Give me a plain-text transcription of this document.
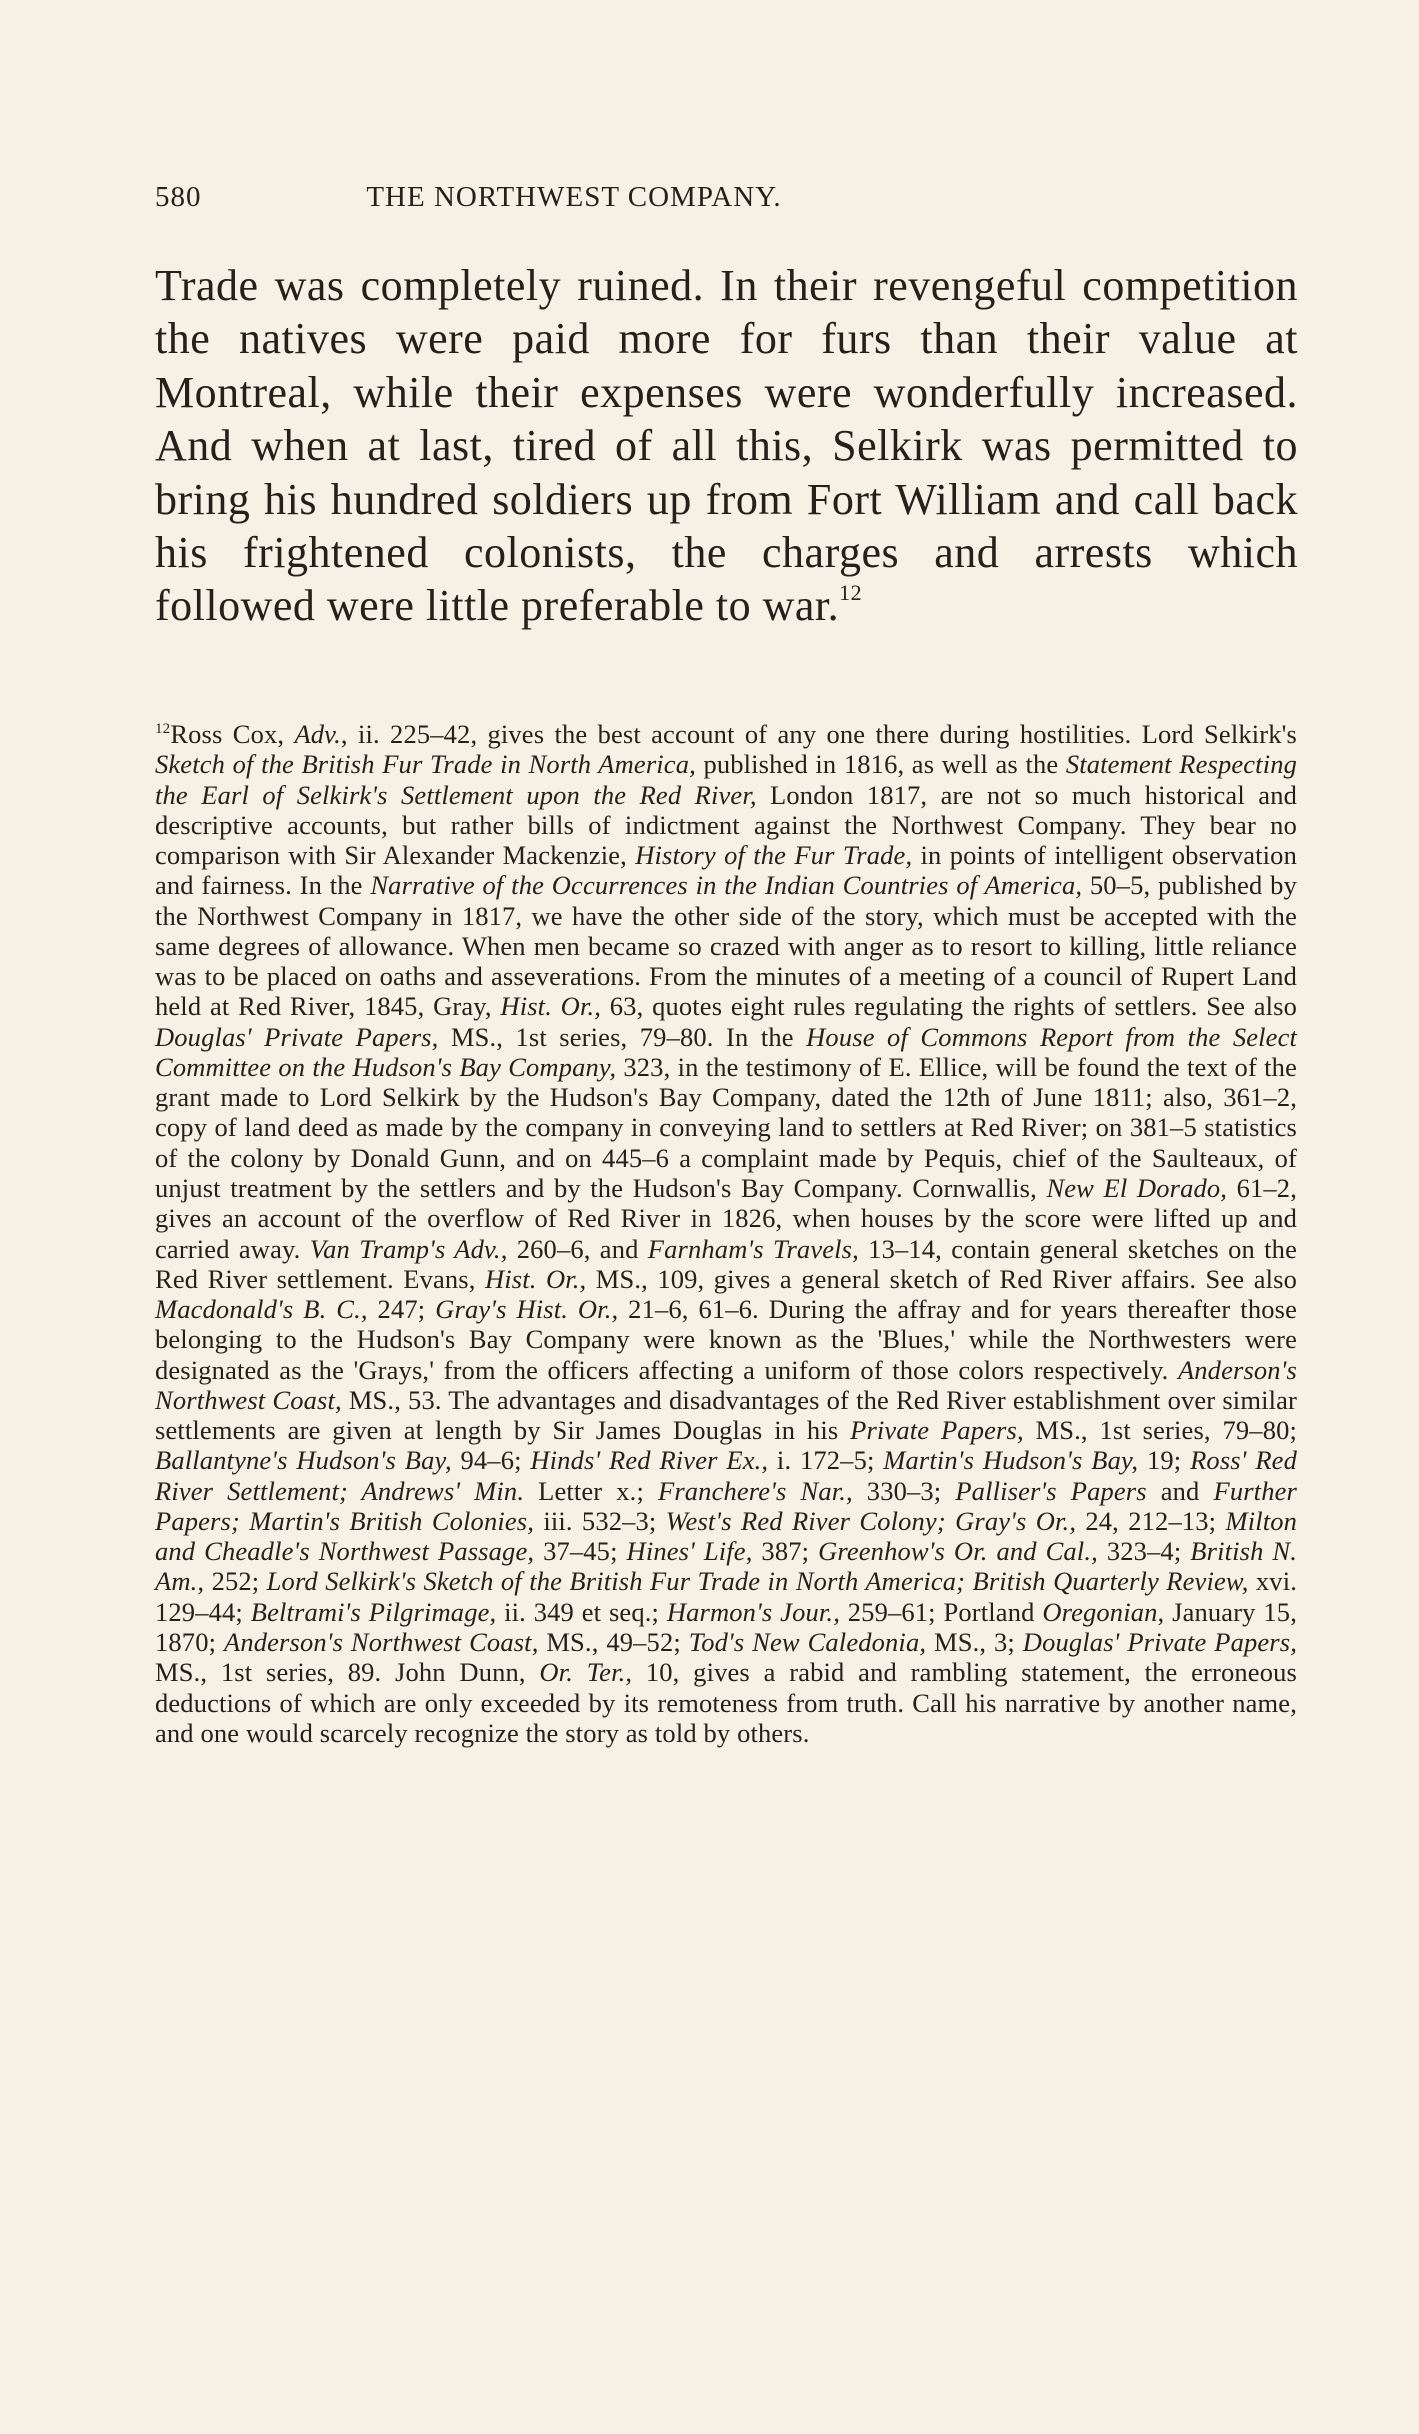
580	THE NORTHWEST COMPANY.
Trade was completely ruined. In their revengeful competition the natives were paid more for furs than their value at Montreal, while their expenses were wonderfully increased. And when at last, tired of all this, Selkirk was permitted to bring his hundred soldiers up from Fort William and call back his frightened colonists, the charges and arrests which followed were little preferable to war.$^{12}$
$^{12}$Ross Cox, Adv., ii. 225–42, gives the best account of any one there during hostilities. Lord Selkirk's Sketch of the British Fur Trade in North America, published in 1816, as well as the Statement Respecting the Earl of Selkirk's Settlement upon the Red River, London 1817, are not so much historical and descriptive accounts, but rather bills of indictment against the Northwest Company. They bear no comparison with Sir Alexander Mackenzie, History of the Fur Trade, in points of intelligent observation and fairness. In the Narrative of the Occurrences in the Indian Countries of America, 50–5, published by the Northwest Company in 1817, we have the other side of the story, which must be accepted with the same degrees of allowance. When men became so crazed with anger as to resort to killing, little reliance was to be placed on oaths and asseverations. From the minutes of a meeting of a council of Rupert Land held at Red River, 1845, Gray, Hist. Or., 63, quotes eight rules regulating the rights of settlers. See also Douglas' Private Papers, MS., 1st series, 79–80. In the House of Commons Report from the Select Committee on the Hudson's Bay Company, 323, in the testimony of E. Ellice, will be found the text of the grant made to Lord Selkirk by the Hudson's Bay Company, dated the 12th of June 1811; also, 361–2, copy of land deed as made by the company in conveying land to settlers at Red River; on 381–5 statistics of the colony by Donald Gunn, and on 445–6 a complaint made by Pequis, chief of the Saulteaux, of unjust treatment by the settlers and by the Hudson's Bay Company. Cornwallis, New El Dorado, 61–2, gives an account of the overflow of Red River in 1826, when houses by the score were lifted up and carried away. Van Tramp's Adv., 260–6, and Farnham's Travels, 13–14, contain general sketches on the Red River settlement. Evans, Hist. Or., MS., 109, gives a general sketch of Red River affairs. See also Macdonald's B. C., 247; Gray's Hist. Or., 21–6, 61–6. During the affray and for years thereafter those belonging to the Hudson's Bay Company were known as the 'Blues,' while the Northwesters were designated as the 'Grays,' from the officers affecting a uniform of those colors respectively. Anderson's Northwest Coast, MS., 53. The advantages and disadvantages of the Red River establishment over similar settlements are given at length by Sir James Douglas in his Private Papers, MS., 1st series, 79–80; Ballantyne's Hudson's Bay, 94–6; Hinds' Red River Ex., i. 172–5; Martin's Hudson's Bay, 19; Ross' Red River Settlement; Andrews' Min. Letter x.; Franchere's Nar., 330–3; Palliser's Papers and Further Papers; Martin's British Colonies, iii. 532–3; West's Red River Colony; Gray's Or., 24, 212–13; Milton and Cheadle's Northwest Passage, 37–45; Hines' Life, 387; Greenhow's Or. and Cal., 323–4; British N. Am., 252; Lord Selkirk's Sketch of the British Fur Trade in North America; British Quarterly Review, xvi. 129–44; Beltrami's Pilgrimage, ii. 349 et seq.; Harmon's Jour., 259–61; Portland Oregonian, January 15, 1870; Anderson's Northwest Coast, MS., 49–52; Tod's New Caledonia, MS., 3; Douglas' Private Papers, MS., 1st series, 89. John Dunn, Or. Ter., 10, gives a rabid and rambling statement, the erroneous deductions of which are only exceeded by its remoteness from truth. Call his narrative by another name, and one would scarcely recognize the story as told by others.
